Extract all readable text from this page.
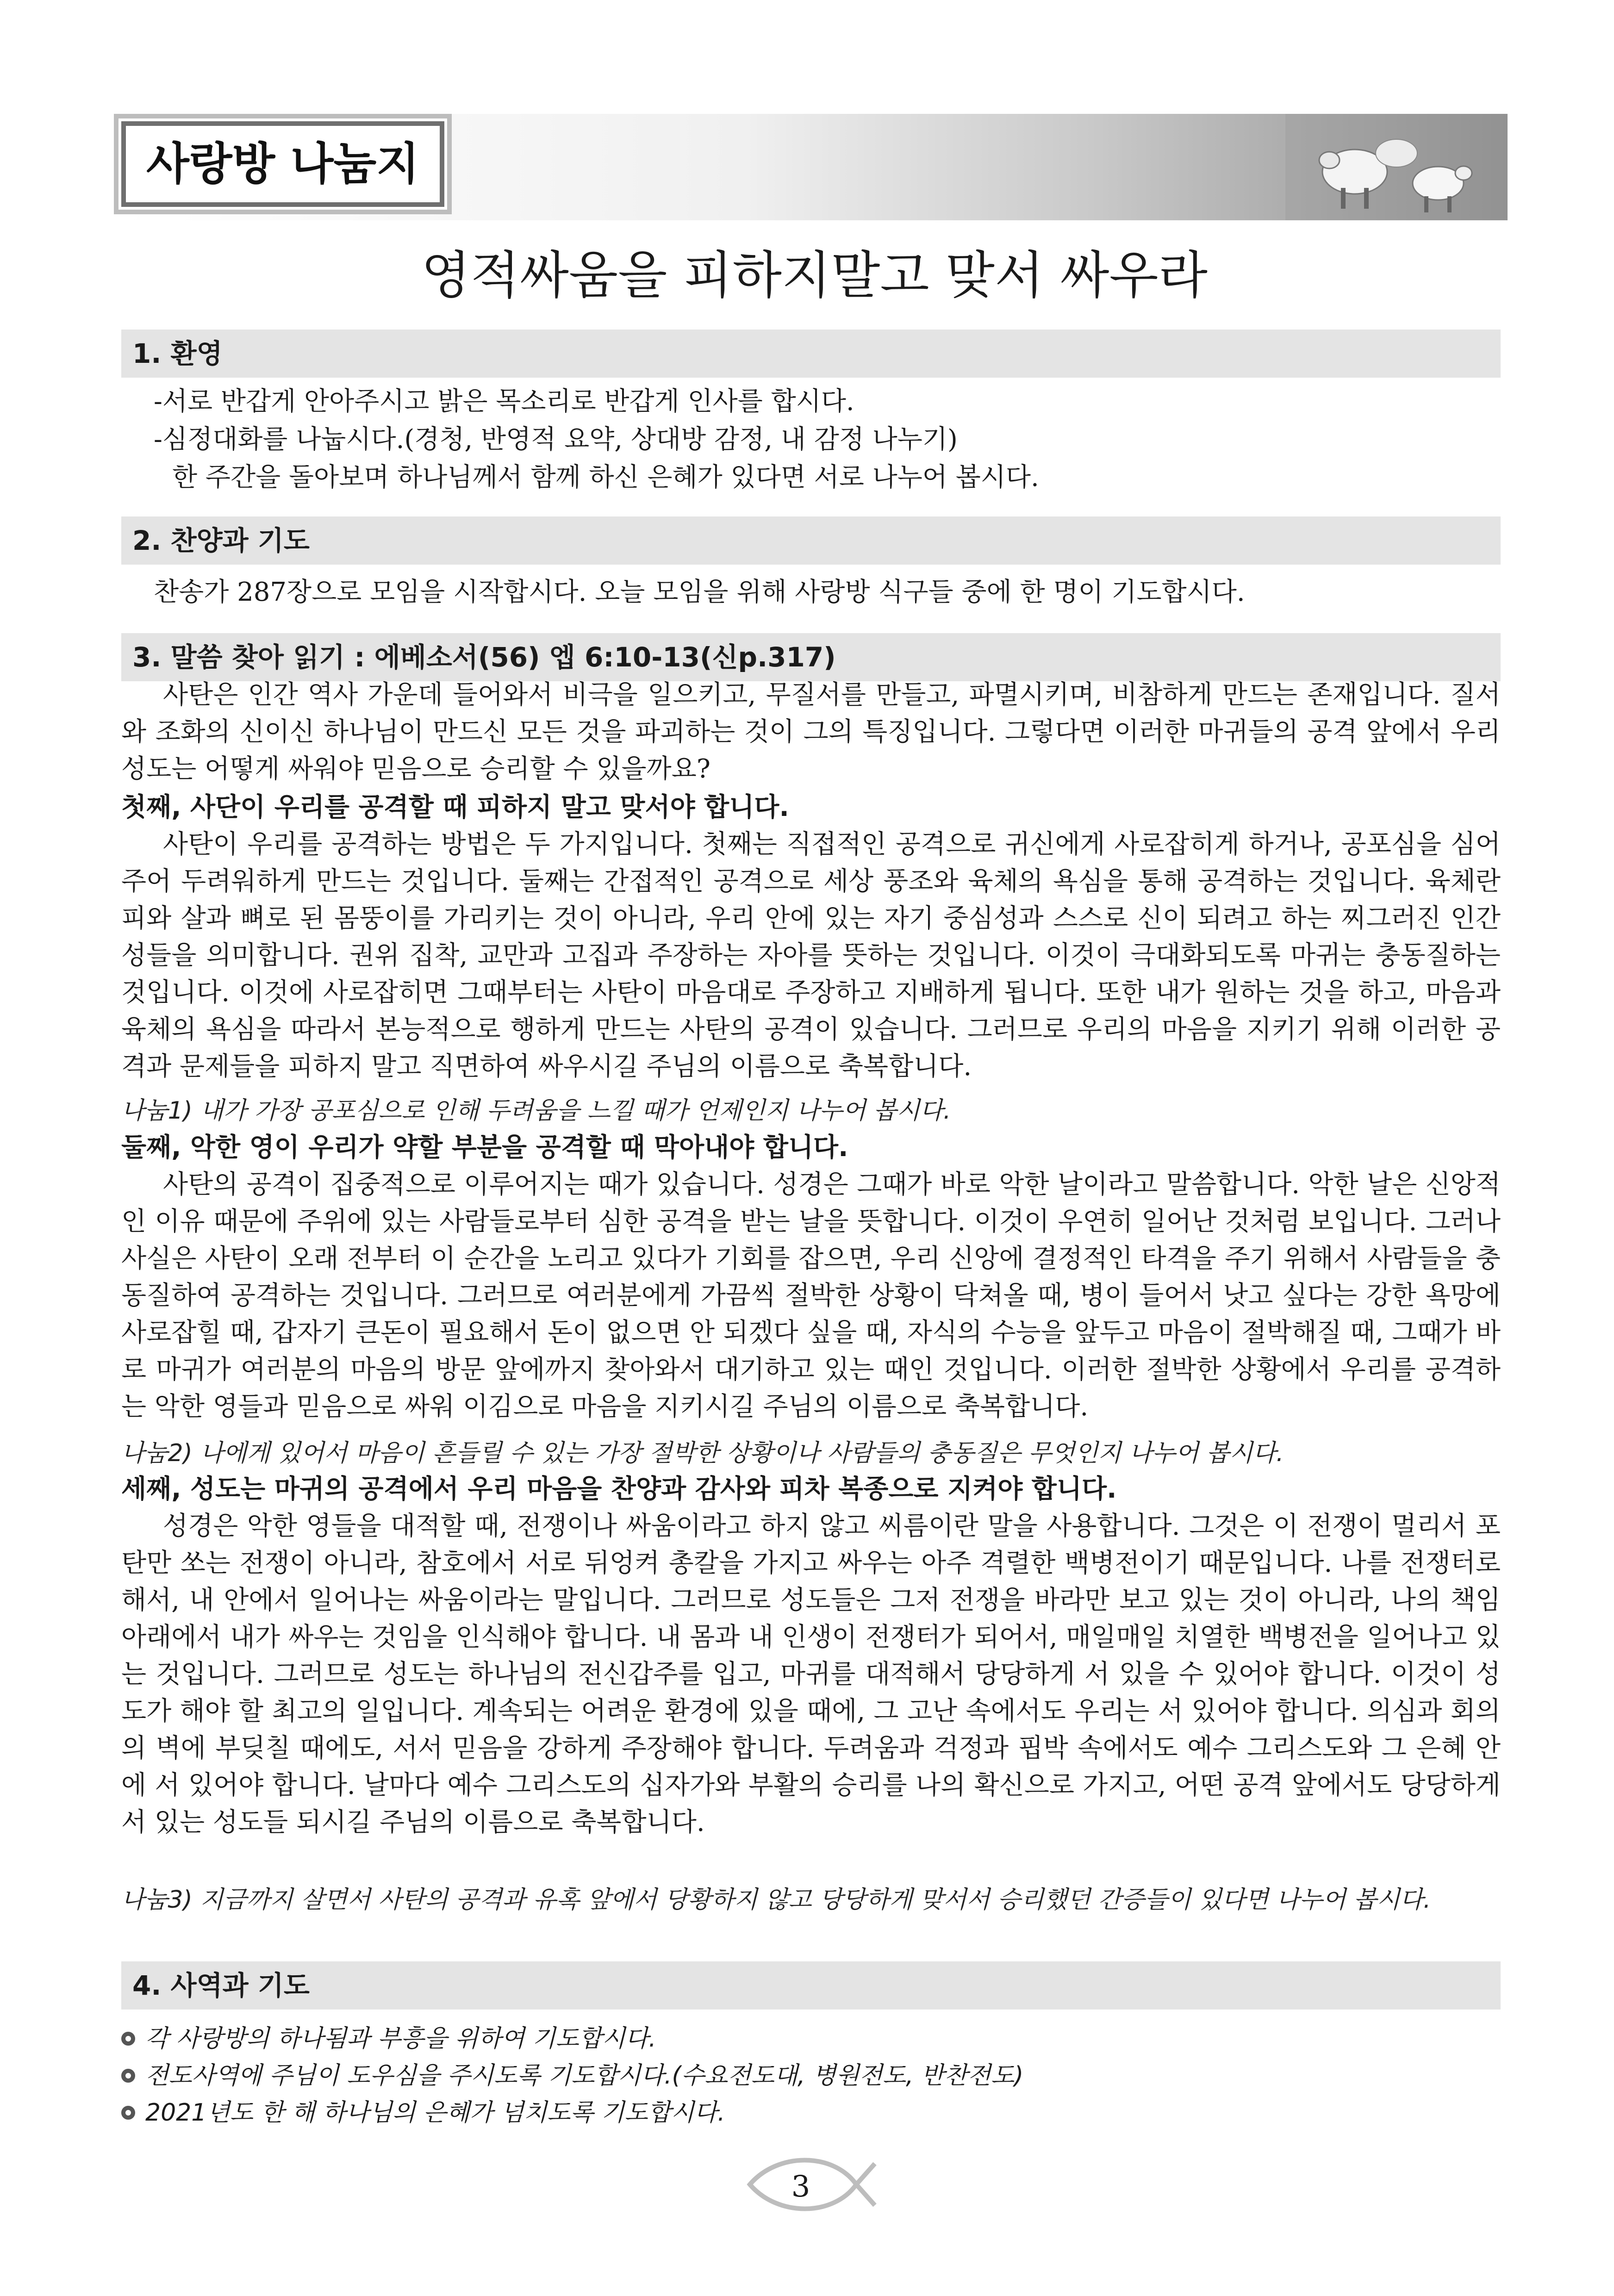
사랑방 나눔지
영적싸움을 피하지말고 맞서 싸우라
1. 환영

-서로 반갑게 안아주시고 밝은 목소리로 반갑게 인사를 합시다.

-심정대화를 나눕시다.(경청, 반영적 요약, 상대방 감정, 내 감정 나누기)

한 주간을 돌아보며 하나님께서 함께 하신 은혜가 있다면 서로 나누어 봅시다.

2. 찬양과 기도

찬송가 287장으로 모임을 시작합시다. 오늘 모임을 위해 사랑방 식구들 중에 한 명이 기도합시다.

3. 말씀 찾아 읽기 : 에베소서(56) 엡 6:10-13(신p.317)

사탄은 인간 역사 가운데 들어와서 비극을 일으키고, 무질서를 만들고, 파멸시키며, 비참하게 만드는 존재입니다. 질서와 조화의 신이신 하나님이 만드신 모든 것을 파괴하는 것이 그의 특징입니다. 그렇다면 이러한 마귀들의 공격 앞에서 우리 성도는 어떻게 싸워야 믿음으로 승리할 수 있을까요?

첫째, 사단이 우리를 공격할 때 피하지 말고 맞서야 합니다.

사탄이 우리를 공격하는 방법은 두 가지입니다. 첫째는 직접적인 공격으로 귀신에게 사로잡히게 하거나, 공포심을 심어주어 두려워하게 만드는 것입니다. 둘째는 간접적인 공격으로 세상 풍조와 육체의 욕심을 통해 공격하는 것입니다. 육체란 피와 살과 뼈로 된 몸뚱이를 가리키는 것이 아니라, 우리 안에 있는 자기 중심성과 스스로 신이 되려고 하는 찌그러진 인간성들을 의미합니다. 권위 집착, 교만과 고집과 주장하는 자아를 뜻하는 것입니다. 이것이 극대화되도록 마귀는 충동질하는 것입니다. 이것에 사로잡히면 그때부터는 사탄이 마음대로 주장하고 지배하게 됩니다. 또한 내가 원하는 것을 하고, 마음과 육체의 욕심을 따라서 본능적으로 행하게 만드는 사탄의 공격이 있습니다. 그러므로 우리의 마음을 지키기 위해 이러한 공격과 문제들을 피하지 말고 직면하여 싸우시길 주님의 이름으로 축복합니다.

나눔1) 내가 가장 공포심으로 인해 두려움을 느낄 때가 언제인지 나누어 봅시다.

둘째, 악한 영이 우리가 약할 부분을 공격할 때 막아내야 합니다.

사탄의 공격이 집중적으로 이루어지는 때가 있습니다. 성경은 그때가 바로 악한 날이라고 말씀합니다. 악한 날은 신앙적인 이유 때문에 주위에 있는 사람들로부터 심한 공격을 받는 날을 뜻합니다. 이것이 우연히 일어난 것처럼 보입니다. 그러나 사실은 사탄이 오래 전부터 이 순간을 노리고 있다가 기회를 잡으면, 우리 신앙에 결정적인 타격을 주기 위해서 사람들을 충동질하여 공격하는 것입니다. 그러므로 여러분에게 가끔씩 절박한 상황이 닥쳐올 때, 병이 들어서 낫고 싶다는 강한 욕망에 사로잡힐 때, 갑자기 큰돈이 필요해서 돈이 없으면 안 되겠다 싶을 때, 자식의 수능을 앞두고 마음이 절박해질 때, 그때가 바로 마귀가 여러분의 마음의 방문 앞에까지 찾아와서 대기하고 있는 때인 것입니다. 이러한 절박한 상황에서 우리를 공격하는 악한 영들과 믿음으로 싸워 이김으로 마음을 지키시길 주님의 이름으로 축복합니다.

나눔2) 나에게 있어서 마음이 흔들릴 수 있는 가장 절박한 상황이나 사람들의 충동질은 무엇인지 나누어 봅시다.

세째, 성도는 마귀의 공격에서 우리 마음을 찬양과 감사와 피차 복종으로 지켜야 합니다.

성경은 악한 영들을 대적할 때, 전쟁이나 싸움이라고 하지 않고 씨름이란 말을 사용합니다. 그것은 이 전쟁이 멀리서 포탄만 쏘는 전쟁이 아니라, 참호에서 서로 뒤엉켜 총칼을 가지고 싸우는 아주 격렬한 백병전이기 때문입니다. 나를 전쟁터로 해서, 내 안에서 일어나는 싸움이라는 말입니다. 그러므로 성도들은 그저 전쟁을 바라만 보고 있는 것이 아니라, 나의 책임 아래에서 내가 싸우는 것임을 인식해야 합니다. 내 몸과 내 인생이 전쟁터가 되어서, 매일매일 치열한 백병전을 일어나고 있는 것입니다. 그러므로 성도는 하나님의 전신갑주를 입고, 마귀를 대적해서 당당하게 서 있을 수 있어야 합니다. 이것이 성도가 해야 할 최고의 일입니다. 계속되는 어려운 환경에 있을 때에, 그 고난 속에서도 우리는 서 있어야 합니다. 의심과 회의의 벽에 부딪칠 때에도, 서서 믿음을 강하게 주장해야 합니다. 두려움과 걱정과 핍박 속에서도 예수 그리스도와 그 은혜 안에 서 있어야 합니다. 날마다 예수 그리스도의 십자가와 부활의 승리를 나의 확신으로 가지고, 어떤 공격 앞에서도 당당하게 서 있는 성도들 되시길 주님의 이름으로 축복합니다.

나눔3) 지금까지 살면서 사탄의 공격과 유혹 앞에서 당황하지 않고 당당하게 맞서서 승리했던 간증들이 있다면 나누어 봅시다.

4. 사역과 기도
각 사랑방의 하나됨과 부흥을 위하여 기도합시다.
전도사역에 주님이 도우심을 주시도록 기도합시다.(수요전도대, 병원전도, 반찬전도)
2021년도 한 해 하나님의 은혜가 넘치도록 기도합시다.
3
